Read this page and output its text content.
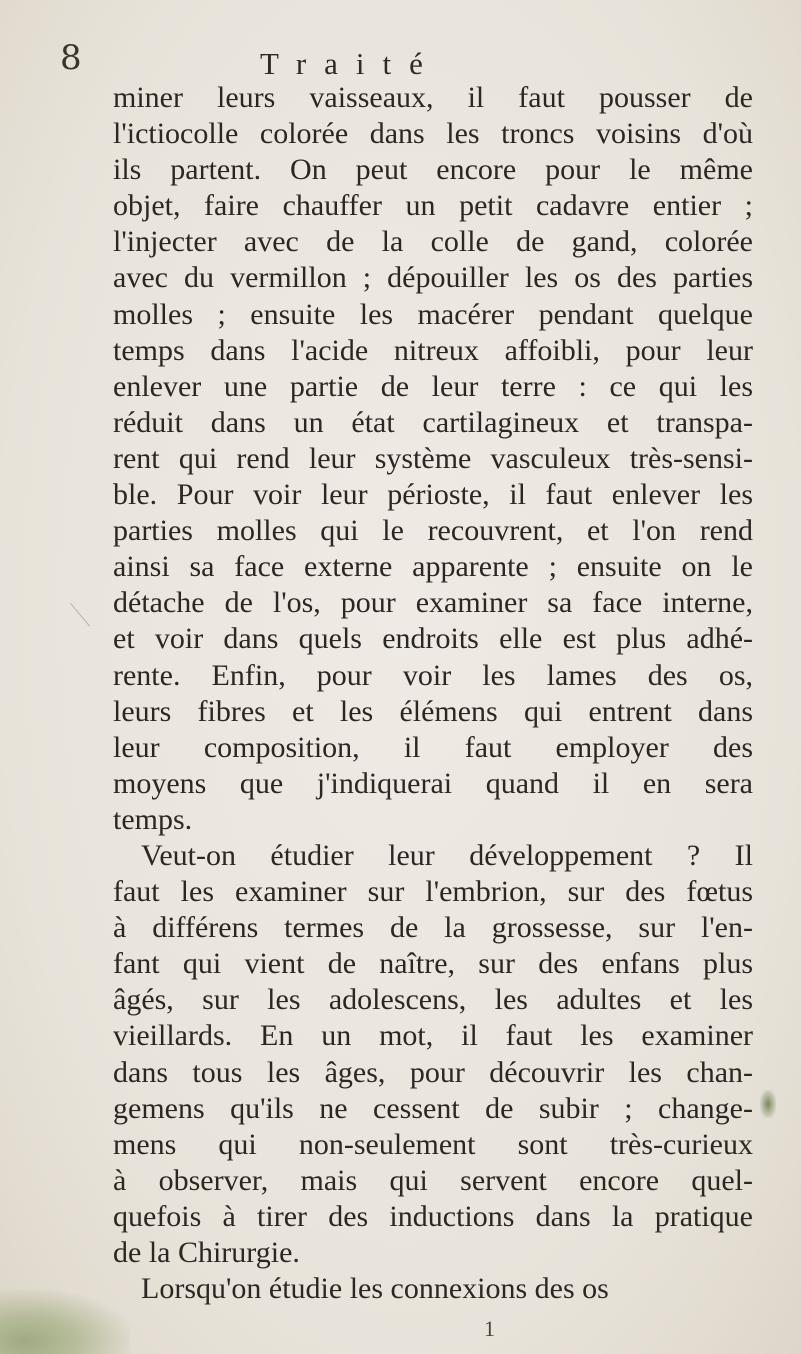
8	Traité
miner leurs vaisseaux, il faut pousser de
l'ictiocolle colorée dans les troncs voisins d'où
ils partent. On peut encore pour le même
objet, faire chauffer un petit cadavre entier ;
l'injecter avec de la colle de gand, colorée
avec du vermillon ; dépouiller les os des parties
molles ; ensuite les macérer pendant quelque
temps dans l'acide nitreux affoibli, pour leur
enlever une partie de leur terre : ce qui les
réduit dans un état cartilagineux et transpa-
rent qui rend leur système vasculeux très-sensi-
ble. Pour voir leur périoste, il faut enlever les
parties molles qui le recouvrent, et l'on rend
ainsi sa face externe apparente ; ensuite on le
détache de l'os, pour examiner sa face interne,
et voir dans quels endroits elle est plus adhé-
rente. Enfin, pour voir les lames des os,
leurs fibres et les élémens qui entrent dans
leur composition, il faut employer des
moyens que j'indiquerai quand il en sera
temps.
Veut-on étudier leur développement ? Il
faut les examiner sur l'embrion, sur des fœtus
à différens termes de la grossesse, sur l'en-
fant qui vient de naître, sur des enfans plus
âgés, sur les adolescens, les adultes et les
vieillards. En un mot, il faut les examiner
dans tous les âges, pour découvrir les chan-
gemens qu'ils ne cessent de subir ; change-
mens qui non-seulement sont très-curieux
à observer, mais qui servent encore quel-
quefois à tirer des inductions dans la pratique
de la Chirurgie.
Lorsqu'on étudie les connexions des os
1
